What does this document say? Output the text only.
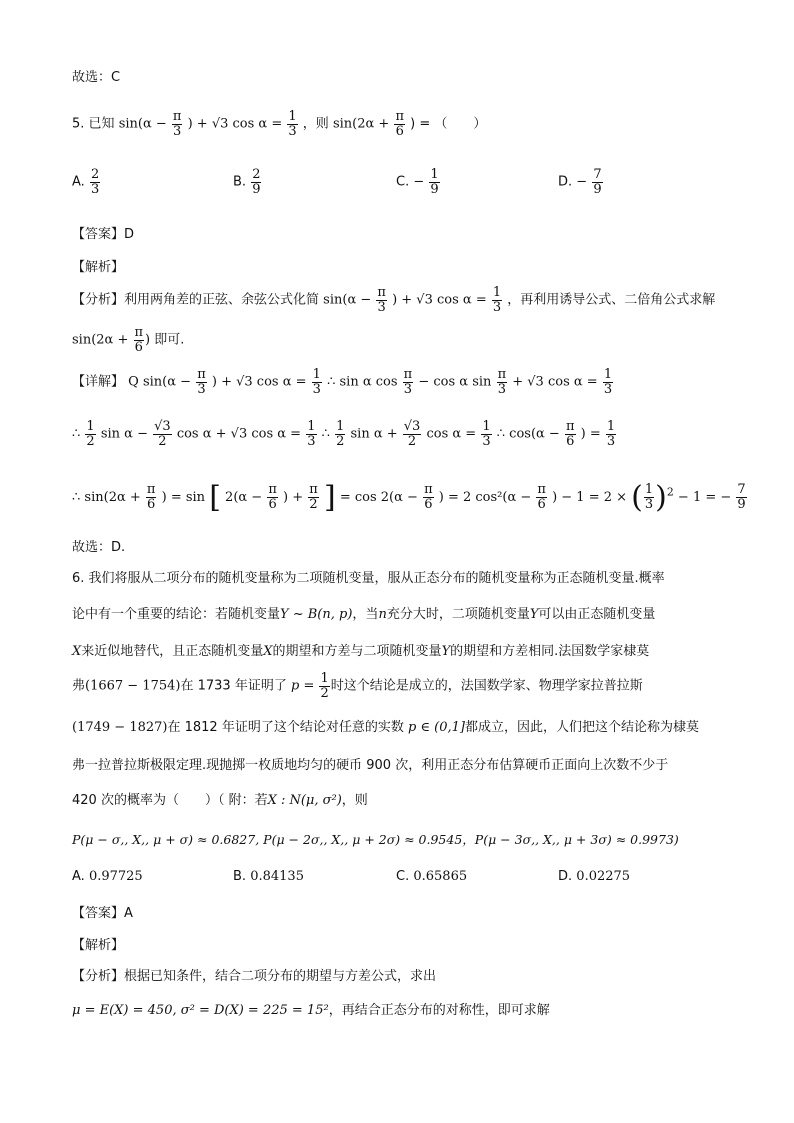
故选：C
5. 已知 $\sin(\alpha - \frac{\pi}{3}$ ) + √3 $\cos \alpha = \frac{1}{3}$ ，则 $\sin(2\alpha + \frac{\pi}{6}$ ) = （　　）
A. $\frac{2}{3}$	B. $\frac{2}{9}$	C. − $\frac{1}{9}$	D. − $\frac{7}{9}$
【答案】D
【解析】
【分析】利用两角差的正弦、余弦公式化简 $\sin(\alpha - \frac{\pi}{3}$ ) + √3 $\cos \alpha = \frac{1}{3}$ ，再利用诱导公式、二倍角公式求解
$\sin(2\alpha + \frac{\pi}{6}$ ) 即可.
【详解】 Q $\sin(\alpha - \frac{\pi}{3}$ ) + √3 $\cos \alpha = \frac{1}{3}$ ∴ sin α $\cos \frac{\pi}{3} - \cos \alpha$ $\sin \frac{\pi}{3} + √3$ $\cos \alpha = \frac{1}{3}$
∴ $\frac{1}{2}$ $\sin \alpha - \frac{√3}{2}$ cos α + √3 $\cos \alpha = \frac{1}{3}$ ∴ $\frac{1}{2}$ $\sin \alpha + \frac{√3}{2}$ $\cos \alpha = \frac{1}{3}$ ∴ $\cos(\alpha - \frac{\pi}{6}$ ) = $\frac{1}{3}$
∴ $\sin(2\alpha + \frac{\pi}{6}$ ) = sin [ $2(\alpha - \frac{\pi}{6}$ ) + $\frac{\pi}{2}$ ] = $\cos 2(\alpha - \frac{\pi}{6}$ ) = 2 $\cos^2(\alpha - \frac{\pi}{6}$ ) − 1 = 2 × ( $\frac{1}{3} )^2 - 1$ = − $\frac{7}{9}$
故选：D.
6. 我们将服从二项分布的随机变量称为二项随机变量，服从正态分布的随机变量称为正态随机变量.概率
论中有一个重要的结论：若随机变量Y ~ B(n, p)，当n充分大时，二项随机变量Y可以由正态随机变量
X来近似地替代，且正态随机变量X的期望和方差与二项随机变量Y的期望和方差相同.法国数学家棣莫
弗(1667 − 1754)在 1733 年证明了 $p = \frac{1}{2}$ 时这个结论是成立的，法国数学家、物理学家拉普拉斯
(1749 − 1827)在 1812 年证明了这个结论对任意的实数 p ∈ (0,1]都成立，因此，人们把这个结论称为棣莫
弗一拉普拉斯极限定理.现抛掷一枚质地均匀的硬币 900 次，利用正态分布估算硬币正面向上次数不少于
420 次的概率为（　　）（ 附：若X : N(μ, σ²)，则
P(μ − σ,, X,, μ + σ) ≈ 0.6827, P(μ − 2σ,, X,, μ + 2σ) ≈ 0.9545，P(μ − 3σ,, X,, μ + 3σ) ≈ 0.9973)
A. 0.97725	B. 0.84135	C. 0.65865	D. 0.02275
【答案】A
【解析】
【分析】根据已知条件，结合二项分布的期望与方差公式，求出
μ = E(X) = 450, σ² = D(X) = 225 = 15²，再结合正态分布的对称性，即可求解
